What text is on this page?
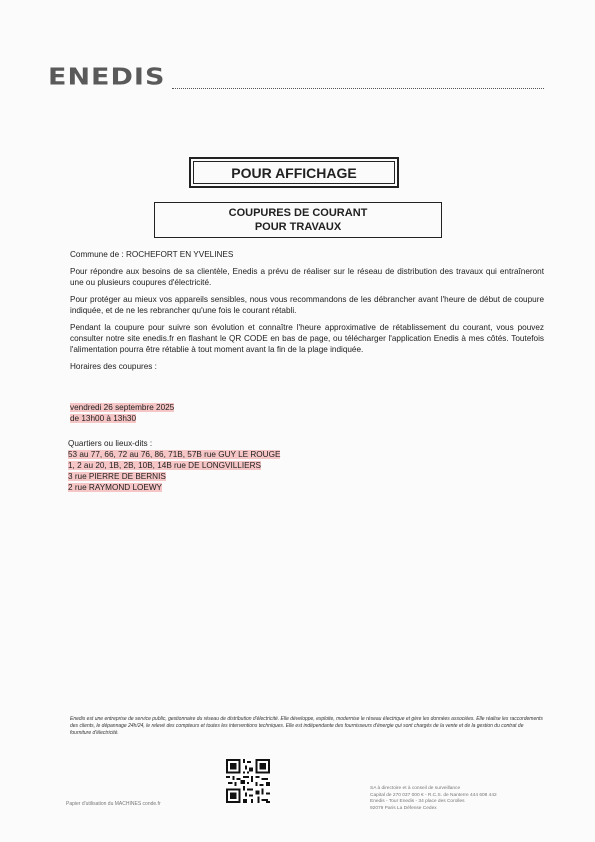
ENEDIS
POUR AFFICHAGE
COUPURES DE COURANT
POUR TRAVAUX

Commune de : ROCHEFORT EN YVELINES

Pour répondre aux besoins de sa clientèle, Enedis a prévu de réaliser sur le réseau de distribution des travaux qui entraîneront une ou plusieurs coupures d'électricité.

Pour protéger au mieux vos appareils sensibles, nous vous recommandons de les débrancher avant l'heure de début de coupure indiquée, et de ne les rebrancher qu'une fois le courant rétabli.

Pendant la coupure pour suivre son évolution et connaître l'heure approximative de rétablissement du courant, vous pouvez consulter notre site enedis.fr en flashant le QR CODE en bas de page, ou télécharger l'application Enedis à mes côtés. Toutefois l'alimentation pourra être rétablie à tout moment avant la fin de la plage indiquée.

Horaires des coupures :

vendredi 26 septembre 2025
de 13h00 à 13h30
Quartiers ou lieux-dits :
53 au 77, 66, 72 au 76, 86, 71B, 57B rue GUY LE ROUGE
1, 2 au 20, 1B, 2B, 10B, 14B rue DE LONGVILLIERS
3 rue PIERRE DE BERNIS
2 rue RAYMOND LOEWY
Enedis est une entreprise de service public, gestionnaire du réseau de distribution d'électricité. Elle développe, exploite, modernise le réseau électrique et gère les données associées. Elle réalise les raccordements des clients, le dépannage 24h/24, le relevé des compteurs et toutes les interventions techniques. Elle est indépendante des fournisseurs d'énergie qui sont chargés de la vente et de la gestion du contrat de fourniture d'électricité.
Papier d'utilisation du MACHINES conde.fr
SA à directoire et à conseil de surveillance
Capital de 270 037 000 € - R.C.S. de Nanterre 444 608 442
Enedis - Tour Enedis - 34 place des Corolles
92079 Paris La Défense Cedex
